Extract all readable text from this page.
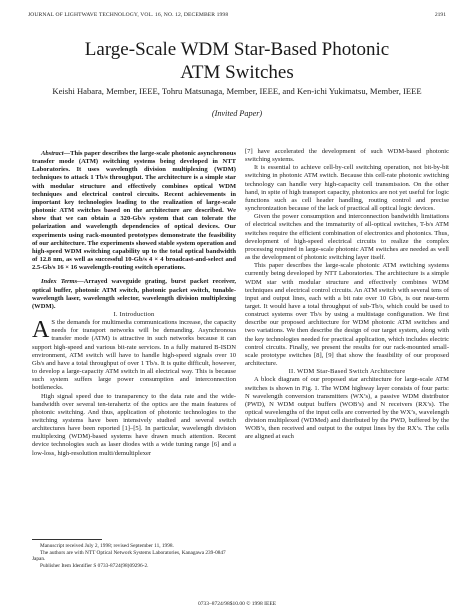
JOURNAL OF LIGHTWAVE TECHNOLOGY, VOL. 16, NO. 12, DECEMBER 1998	2191
Large-Scale WDM Star-Based Photonic
ATM Switches
Keishi Habara, Member, IEEE, Tohru Matsunaga, Member, IEEE, and Ken-ichi Yukimatsu, Member, IEEE
(Invited Paper)

Abstract—This paper describes the large-scale photonic asynchronous transfer mode (ATM) switching systems being developed in NTT Laboratories. It uses wavelength division multiplexing (WDM) techniques to attack 1 Tb/s throughput. The architecture is a simple star with modular structure and effectively combines optical WDM techniques and electrical control circuits. Recent achievements in important key technologies leading to the realization of large-scale photonic ATM switches based on the architecture are described. We show that we can obtain a 320-Gb/s system that can tolerate the polarization and wavelength dependencies of optical devices. Our experiments using rack-mounted prototypes demonstrate the feasibility of our architecture. The experiments showed stable system operation and high-speed WDM switching capability up to the total optical bandwidth of 12.8 nm, as well as successful 10-Gb/s 4 × 4 broadcast-and-select and 2.5-Gb/s 16 × 16 wavelength-routing switch operations.

Index Terms—Arrayed waveguide grating, burst packet receiver, optical buffer, photonic ATM switch, photonic packet switch, tunable-wavelength laser, wavelength selector, wavelength division multiplexing (WDM).

I. Introduction

A S the demands for multimedia communications increase, the capacity needs for transport networks will be demanding. Asynchronous transfer mode (ATM) is attractive in such networks because it can support high-speed and various bit-rate services. In a fully matured B-ISDN environment, ATM switch will have to handle high-speed signals over 10 Gb/s and have a total throughput of over 1 Tb/s. It is quite difficult, however, to develop a large-capacity ATM switch in all electrical way. This is because such system suffers large power consumption and interconnection bottlenecks.

High signal speed due to transparency to the data rate and the wide-bandwidth over several ten-terahertz of the optics are the main features of photonic switching. And thus, application of photonic technologies to the switching systems have been intensively studied and several switch architectures have been reported [1]–[5]. In particular, wavelength division multiplexing (WDM)-based systems have drawn much attention. Recent device technologies such as laser diodes with a wide tuning range [6] and a low-loss, high-resolution multi/demultiplexer

Manuscript received July 2, 1998; revised September 11, 1998.

The authors are with NTT Optical Network Systems Laboratories, Kanagawa 239-0847 Japan.

Publisher Item Identifier S 0733-8724(98)09296-2.

[7] have accelerated the development of such WDM-based photonic switching systems.

It is essential to achieve cell-by-cell switching operation, not bit-by-bit switching in photonic ATM switch. Because this cell-rate photonic switching technology can handle very high-capacity cell transmission. On the other hand, in spite of high transport capacity, photonics are not yet useful for logic functions such as cell header handling, routing control and precise synchronization because of the lack of practical all optical logic devices.

Given the power consumption and interconnection bandwidth limitations of electrical switches and the immaturity of all-optical switches, T-b/s ATM switches require the efficient combination of electronics and photonics. Thus, development of high-speed electrical circuits to realize the complex processing required in large-scale photonic ATM switches are needed as well as the development of photonic switching layer itself.

This paper describes the large-scale photonic ATM switching systems currently being developed by NTT Laboratories. The architecture is a simple WDM star with modular structure and effectively combines WDM techniques and electrical control circuits. An ATM switch with several tens of input and output lines, each with a bit rate over 10 Gb/s, is our near-term target. It would have a total throughput of sub-Tb/s, which could be used to construct systems over Tb/s by using a multistage configuration. We first describe our proposed architecture for WDM photonic ATM switches and two variations. We then describe the design of our target system, along with the key technologies needed for practical application, which includes electric control circuits. Finally, we present the results for our rack-mounted small-scale prototype switches [8], [9] that show the feasibility of our proposed architecture.

II. WDM Star-Based Switch Architecture

A block diagram of our proposed star architecture for large-scale ATM switches is shown in Fig. 1. The WDM highway layer consists of four parts: N wavelength conversion transmitters (WX’s), a passive WDM distributor (PWD), N WDM output buffers (WOB’s) and N receivers (RX’s). The optical wavelengths of the input cells are converted by the WX’s, wavelength division multiplexed (WDMed) and distributed by the PWD, buffered by the WOB’s, then received and output to the output lines by the RX’s. The cells are aligned at each

0733–8724/98$10.00 © 1998 IEEE
